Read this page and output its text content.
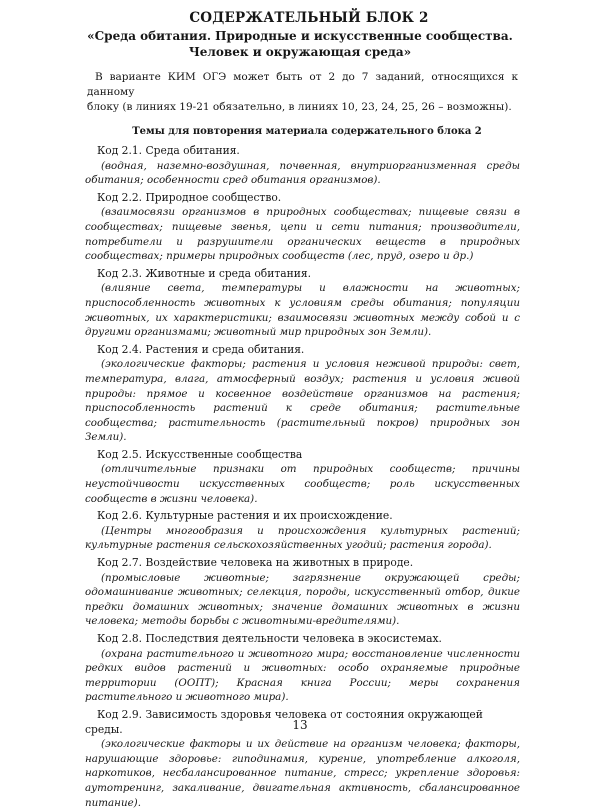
СОДЕРЖАТЕЛЬНЫЙ БЛОК 2
«Среда обитания. Природные и искусственные сообщества.
Человек и окружающая среда»
В варианте КИМ ОГЭ может быть от 2 до 7 заданий, относящихся к данному
блоку (в линиях 19-21 обязательно, в линиях 10, 23, 24, 25, 26 – возможны).
Темы для повторения материала содержательного блока 2

Код 2.1. Среда обитания.

(водная, наземно-воздушная, почвенная, внутриорганизменная среды обитания; особенности сред обитания организмов).

Код 2.2. Природное сообщество.

(взаимосвязи организмов в природных сообществах; пищевые связи в сообществах; пищевые звенья, цепи и сети питания; производители, потребители и разрушители органических веществ в природных сообществах; примеры природных сообществ (лес, пруд, озеро и др.)

Код 2.3. Животные и среда обитания.

(влияние света, температуры и влажности на животных; приспособленность животных к условиям среды обитания; популяции животных, их характеристики; взаимосвязи животных между собой и с другими организмами; животный мир природных зон Земли).

Код 2.4. Растения и среда обитания.

(экологические факторы; растения и условия неживой природы: свет, температура, влага, атмосферный воздух; растения и условия живой природы: прямое и косвенное воздействие организмов на растения; приспособленность растений к среде обитания; растительные сообщества; растительность (растительный покров) природных зон Земли).

Код 2.5. Искусственные сообщества

(отличительные признаки от природных сообществ; причины неустойчивости искусственных сообществ; роль искусственных сообществ в жизни человека).

Код 2.6. Культурные растения и их происхождение.

(Центры многообразия и происхождения культурных растений; культурные растения сельскохозяйственных угодий; растения города).

Код 2.7. Воздействие человека на животных в природе.

(промысловые животные; загрязнение окружающей среды; одомашнивание животных; селекция, породы, искусственный отбор, дикие предки домашних животных; значение домашних животных в жизни человека; методы борьбы с животными-вредителями).

Код 2.8. Последствия деятельности человека в экосистемах.

(охрана растительного и животного мира; восстановление численности редких видов растений и животных: особо охраняемые природные территории (ООПТ); Красная книга России; меры сохранения растительного и животного мира).

Код 2.9. Зависимость здоровья человека от состояния окружающей среды.

(экологические факторы и их действие на организм человека; факторы, нарушающие здоровье: гиподинамия, курение, употребление алкоголя, наркотиков, несбалансированное питание, стресс; укрепление здоровья: аутотренинг, закаливание, двигательная активность, сбалансированное питание).

13
